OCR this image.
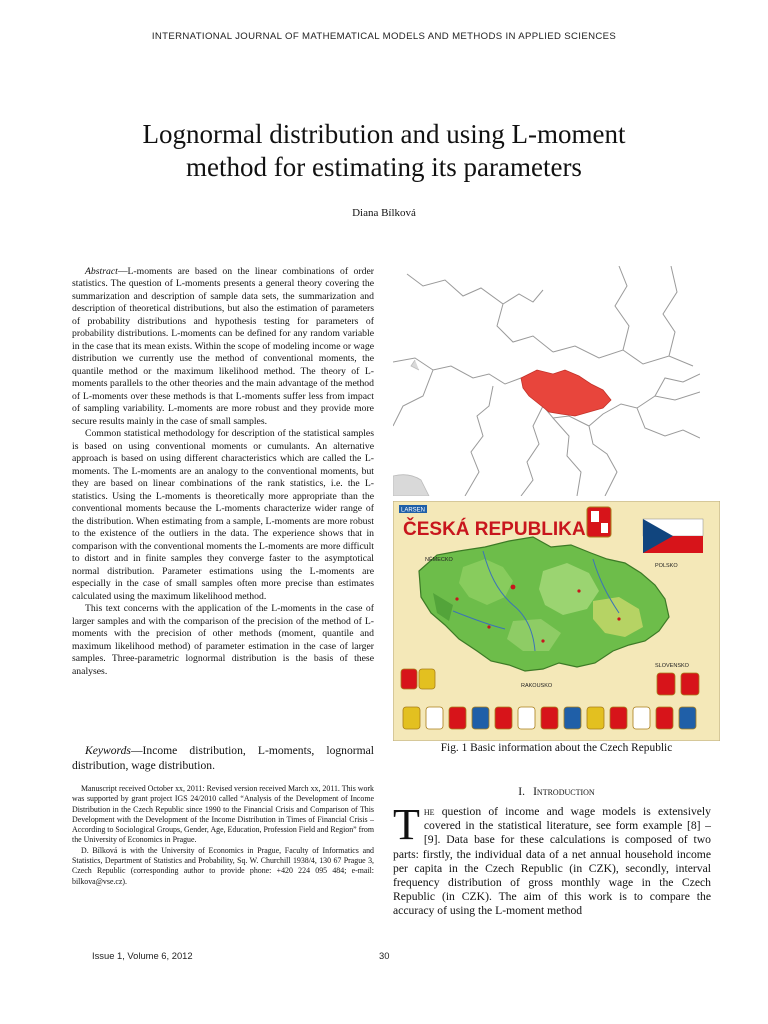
INTERNATIONAL JOURNAL OF MATHEMATICAL MODELS AND METHODS IN APPLIED SCIENCES
Lognormal distribution and using L-moment
method for estimating its parameters
Diana Bílková

Abstract—L-moments are based on the linear combinations of order statistics. The question of L-moments presents a general theory covering the summarization and description of sample data sets, the summarization and description of theoretical distributions, but also the estimation of parameters of probability distributions and hypothesis testing for parameters of probability distributions. L-moments can be defined for any random variable in the case that its mean exists. Within the scope of modeling income or wage distribution we currently use the method of conventional moments, the quantile method or the maximum likelihood method. The theory of L-moments parallels to the other theories and the main advantage of the method of L-moments over these methods is that L-moments suffer less from impact of sampling variability. L-moments are more robust and they provide more secure results mainly in the case of small samples.

Common statistical methodology for description of the statistical samples is based on using conventional moments or cumulants. An alternative approach is based on using different characteristics which are called the L-moments. The L-moments are an analogy to the conventional moments, but they are based on linear combinations of the rank statistics, i.e. the L-statistics. Using the L-moments is theoretically more appropriate than the conventional moments because the L-moments characterize wider range of the distribution. When estimating from a sample, L-moments are more robust to the existence of the outliers in the data. The experience shows that in comparison with the conventional moments the L-moments are more difficult to distort and in finite samples they converge faster to the asymptotical normal distribution. Parameter estimations using the L-moments are especially in the case of small samples often more precise than estimates calculated using the maximum likelihood method.

This text concerns with the application of the L-moments in the case of larger samples and with the comparison of the precision of the method of L-moments with the precision of other methods (moment, quantile and maximum likelihood method) of parameter estimation in the case of larger samples. Three-parametric lognormal distribution is the basis of these analyses.

Keywords—Income distribution, L-moments, lognormal distribution, wage distribution.

Manuscript received October xx, 2011: Revised version received March xx, 2011. This work was supported by grant project IGS 24/2010 called “Analysis of the Development of Income Distribution in the Czech Republic since 1990 to the Financial Crisis and Comparison of This Development with the Development of the Income Distribution in Times of Financial Crisis – According to Sociological Groups, Gender, Age, Education, Profession Field and Region” from the University of Economics in Prague.

D. Bílková is with the University of Economics in Prague, Faculty of Informatics and Statistics, Department of Statistics and Probability, Sq. W. Churchill 1938/4, 130 67 Prague 3, Czech Republic (corresponding author to provide phone: +420 224 095 484; e-mail: bilkova@vse.cz).

LARSEN
ČESKÁ REPUBLIKA
NĚMECKO
POLSKO
SLOVENSKO
RAKOUSKO
Fig. 1 Basic information about the Czech Republic
I. Introduction
The question of income and wage models is extensively covered in the statistical literature, see form example [8] – [9]. Data base for these calculations is composed of two parts: firstly, the individual data of a net annual household income per capita in the Czech Republic (in CZK), secondly, interval frequency distribution of gross monthly wage in the Czech Republic (in CZK). The aim of this work is to compare the accuracy of using the L-moment method
Issue 1, Volume 6, 2012	30
